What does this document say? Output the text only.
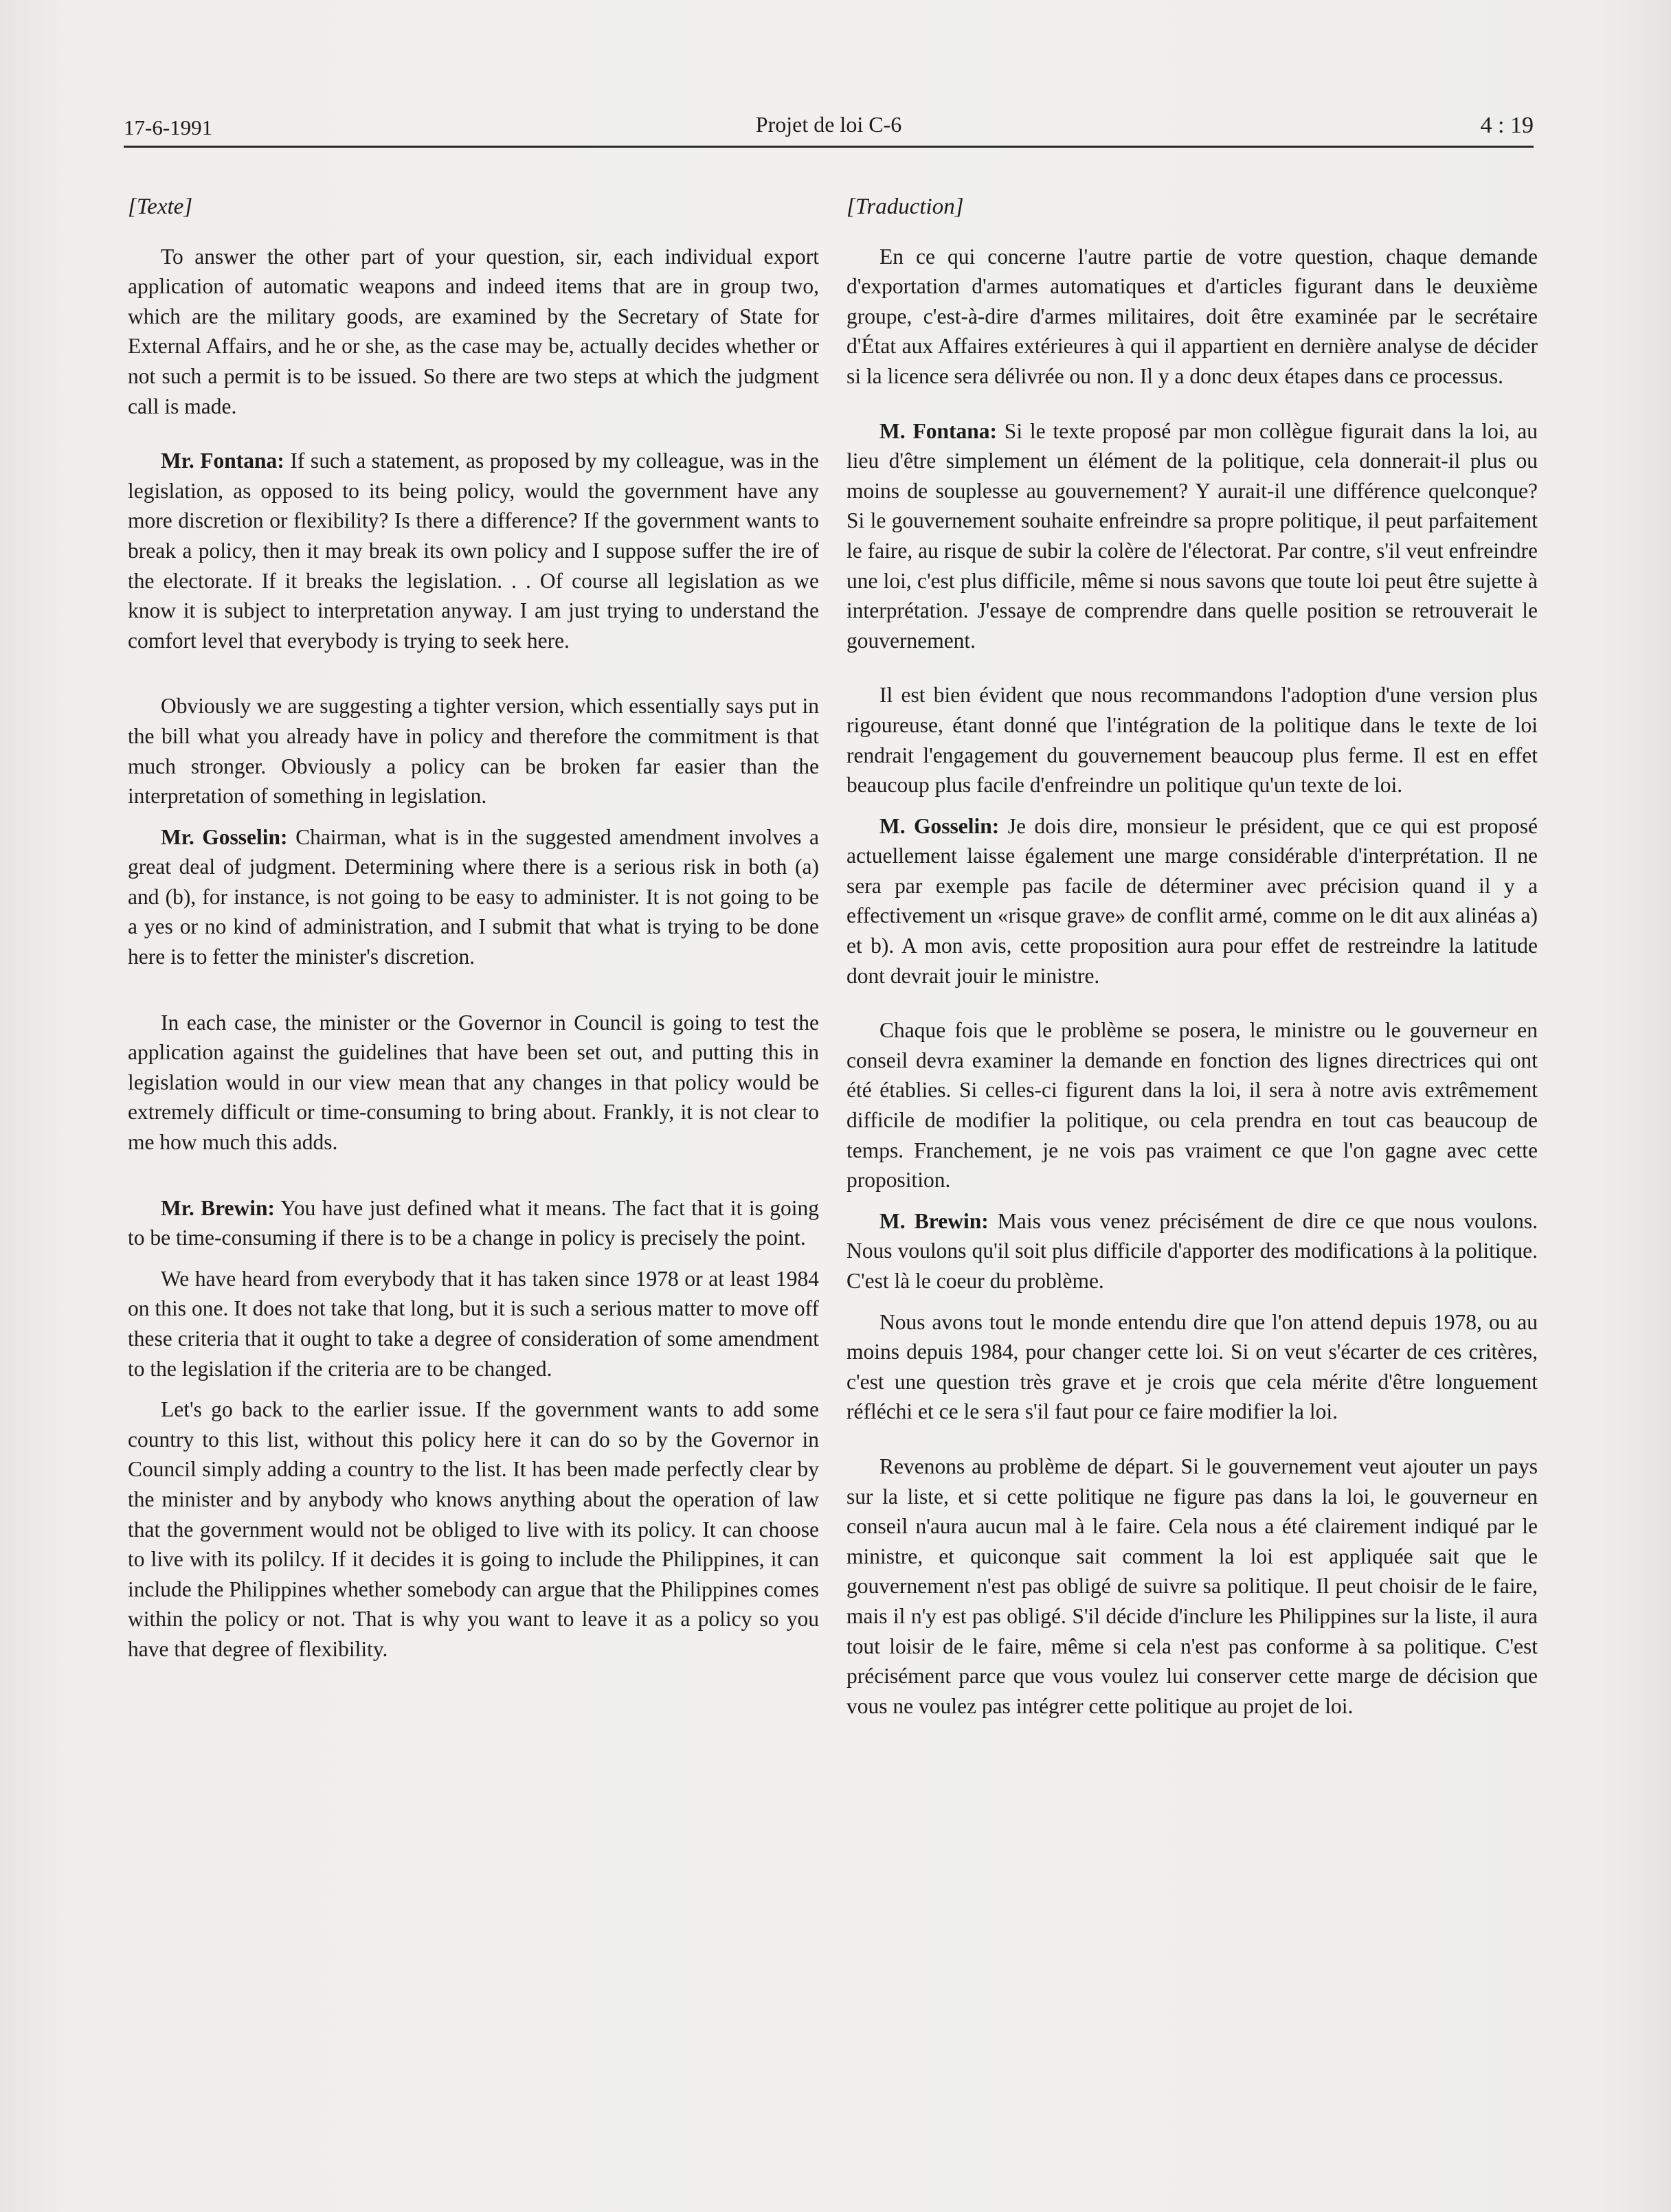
17-6-1991	Projet de loi C-6	4 : 19

[Texte]

To answer the other part of your question, sir, each individual export application of automatic weapons and indeed items that are in group two, which are the military goods, are examined by the Secretary of State for External Affairs, and he or she, as the case may be, actually decides whether or not such a permit is to be issued. So there are two steps at which the judgment call is made.

Mr. Fontana: If such a statement, as proposed by my colleague, was in the legislation, as opposed to its being policy, would the government have any more discretion or flexibility? Is there a difference? If the government wants to break a policy, then it may break its own policy and I suppose suffer the ire of the electorate. If it breaks the legislation. . . Of course all legislation as we know it is subject to interpretation anyway. I am just trying to understand the comfort level that everybody is trying to seek here.

Obviously we are suggesting a tighter version, which essentially says put in the bill what you already have in policy and therefore the commitment is that much stronger. Obviously a policy can be broken far easier than the interpretation of something in legislation.

Mr. Gosselin: Chairman, what is in the suggested amendment involves a great deal of judgment. Determining where there is a serious risk in both (a) and (b), for instance, is not going to be easy to administer. It is not going to be a yes or no kind of administration, and I submit that what is trying to be done here is to fetter the minister's discretion.

In each case, the minister or the Governor in Council is going to test the application against the guidelines that have been set out, and putting this in legislation would in our view mean that any changes in that policy would be extremely difficult or time-consuming to bring about. Frankly, it is not clear to me how much this adds.

Mr. Brewin: You have just defined what it means. The fact that it is going to be time-consuming if there is to be a change in policy is precisely the point.

We have heard from everybody that it has taken since 1978 or at least 1984 on this one. It does not take that long, but it is such a serious matter to move off these criteria that it ought to take a degree of consideration of some amendment to the legislation if the criteria are to be changed.

Let's go back to the earlier issue. If the government wants to add some country to this list, without this policy here it can do so by the Governor in Council simply adding a country to the list. It has been made perfectly clear by the minister and by anybody who knows anything about the operation of law that the government would not be obliged to live with its policy. It can choose to live with its polilcy. If it decides it is going to include the Philippines, it can include the Philippines whether somebody can argue that the Philippines comes within the policy or not. That is why you want to leave it as a policy so you have that degree of flexibility.

[Traduction]

En ce qui concerne l'autre partie de votre question, chaque demande d'exportation d'armes automatiques et d'articles figurant dans le deuxième groupe, c'est-à-dire d'armes militaires, doit être examinée par le secrétaire d'État aux Affaires extérieures à qui il appartient en dernière analyse de décider si la licence sera délivrée ou non. Il y a donc deux étapes dans ce processus.

M. Fontana: Si le texte proposé par mon collègue figurait dans la loi, au lieu d'être simplement un élément de la politique, cela donnerait-il plus ou moins de souplesse au gouvernement? Y aurait-il une différence quelconque? Si le gouvernement souhaite enfreindre sa propre politique, il peut parfaitement le faire, au risque de subir la colère de l'électorat. Par contre, s'il veut enfreindre une loi, c'est plus difficile, même si nous savons que toute loi peut être sujette à interprétation. J'essaye de comprendre dans quelle position se retrouverait le gouvernement.

Il est bien évident que nous recommandons l'adoption d'une version plus rigoureuse, étant donné que l'intégration de la politique dans le texte de loi rendrait l'engagement du gouvernement beaucoup plus ferme. Il est en effet beaucoup plus facile d'enfreindre un politique qu'un texte de loi.

M. Gosselin: Je dois dire, monsieur le président, que ce qui est proposé actuellement laisse également une marge considérable d'interprétation. Il ne sera par exemple pas facile de déterminer avec précision quand il y a effectivement un «risque grave» de conflit armé, comme on le dit aux alinéas a) et b). A mon avis, cette proposition aura pour effet de restreindre la latitude dont devrait jouir le ministre.

Chaque fois que le problème se posera, le ministre ou le gouverneur en conseil devra examiner la demande en fonction des lignes directrices qui ont été établies. Si celles-ci figurent dans la loi, il sera à notre avis extrêmement difficile de modifier la politique, ou cela prendra en tout cas beaucoup de temps. Franchement, je ne vois pas vraiment ce que l'on gagne avec cette proposition.

M. Brewin: Mais vous venez précisément de dire ce que nous voulons. Nous voulons qu'il soit plus difficile d'apporter des modifications à la politique. C'est là le coeur du problème.

Nous avons tout le monde entendu dire que l'on attend depuis 1978, ou au moins depuis 1984, pour changer cette loi. Si on veut s'écarter de ces critères, c'est une question très grave et je crois que cela mérite d'être longuement réfléchi et ce le sera s'il faut pour ce faire modifier la loi.

Revenons au problème de départ. Si le gouvernement veut ajouter un pays sur la liste, et si cette politique ne figure pas dans la loi, le gouverneur en conseil n'aura aucun mal à le faire. Cela nous a été clairement indiqué par le ministre, et quiconque sait comment la loi est appliquée sait que le gouvernement n'est pas obligé de suivre sa politique. Il peut choisir de le faire, mais il n'y est pas obligé. S'il décide d'inclure les Philippines sur la liste, il aura tout loisir de le faire, même si cela n'est pas conforme à sa politique. C'est précisément parce que vous voulez lui conserver cette marge de décision que vous ne voulez pas intégrer cette politique au projet de loi.
